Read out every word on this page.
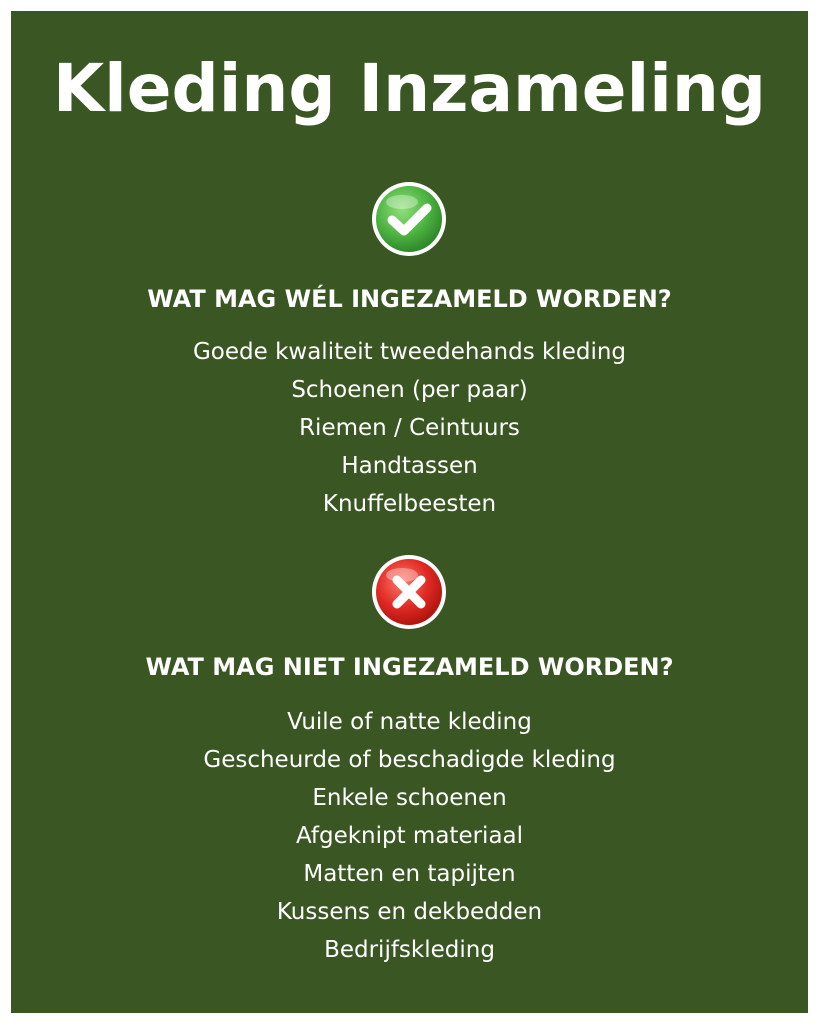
Kleding Inzameling
WAT MAG WÉL INGEZAMELD WORDEN?
Goede kwaliteit tweedehands kleding
Schoenen (per paar)
Riemen / Ceintuurs
Handtassen
Knuffelbeesten
WAT MAG NIET INGEZAMELD WORDEN?
Vuile of natte kleding
Gescheurde of beschadigde kleding
Enkele schoenen
Afgeknipt materiaal
Matten en tapijten
Kussens en dekbedden
Bedrijfskleding
